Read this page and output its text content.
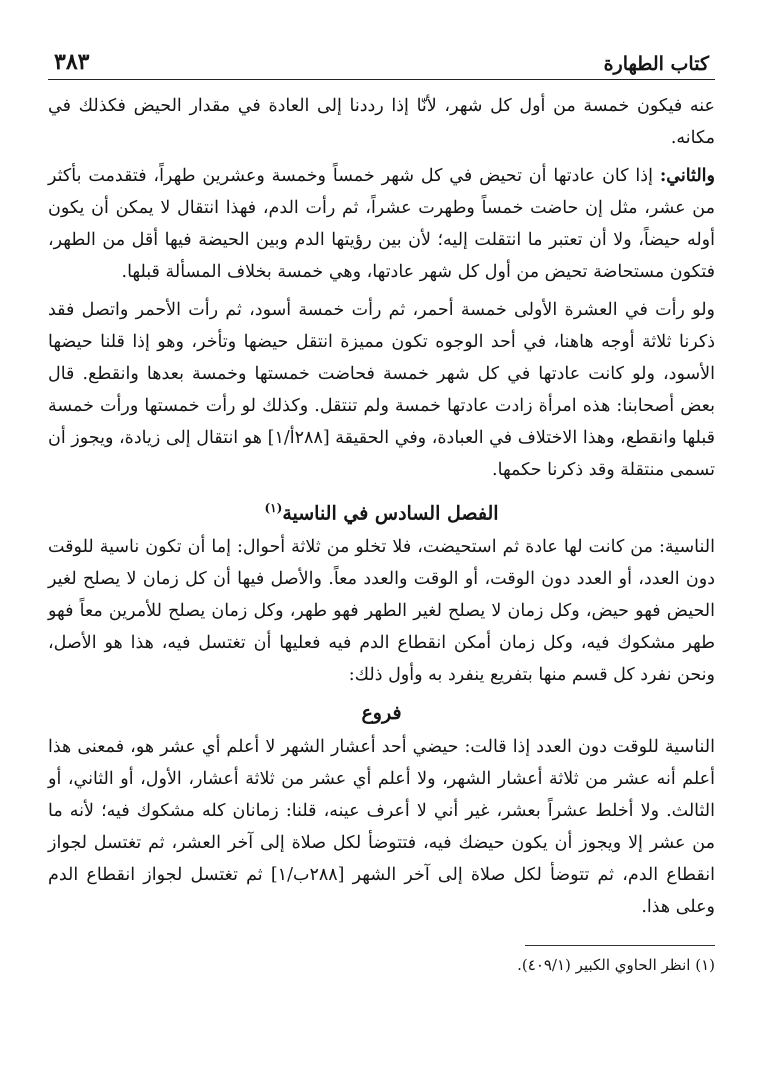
كتاب الطهارة
٣٨٣

عنه فيكون خمسة من أول كل شهر، لأنّا إذا رددنا إلى العادة في مقدار الحيض فكذلك في مكانه.

والثاني: إذا كان عادتها أن تحيض في كل شهر خمساً وخمسة وعشرين طهراً، فتقدمت بأكثر من عشر، مثل إن حاضت خمساً وطهرت عشراً، ثم رأت الدم، فهذا انتقال لا يمكن أن يكون أوله حيضاً، ولا أن تعتبر ما انتقلت إليه؛ لأن بين رؤيتها الدم وبين الحيضة فيها أقل من الطهر، فتكون مستحاضة تحيض من أول كل شهر عادتها، وهي خمسة بخلاف المسألة قبلها.

ولو رأت في العشرة الأولى خمسة أحمر، ثم رأت خمسة أسود، ثم رأت الأحمر واتصل فقد ذكرنا ثلاثة أوجه هاهنا، في أحد الوجوه تكون مميزة انتقل حيضها وتأخر، وهو إذا قلنا حيضها الأسود، ولو كانت عادتها في كل شهر خمسة فحاضت خمستها وخمسة بعدها وانقطع. قال بعض أصحابنا: هذه امرأة زادت عادتها خمسة ولم تنتقل. وكذلك لو رأت خمستها ورأت خمسة قبلها وانقطع، وهذا الاختلاف في العبادة، وفي الحقيقة [٢٨٨أ/١] هو انتقال إلى زيادة، ويجوز أن تسمى منتقلة وقد ذكرنا حكمها.

الفصل السادس في الناسية$^{(١)}$

الناسية: من كانت لها عادة ثم استحيضت، فلا تخلو من ثلاثة أحوال: إما أن تكون ناسية للوقت دون العدد، أو العدد دون الوقت، أو الوقت والعدد معاً. والأصل فيها أن كل زمان لا يصلح لغير الحيض فهو حيض، وكل زمان لا يصلح لغير الطهر فهو طهر، وكل زمان يصلح للأمرين معاً فهو طهر مشكوك فيه، وكل زمان أمكن انقطاع الدم فيه فعليها أن تغتسل فيه، هذا هو الأصل، ونحن نفرد كل قسم منها بتفريع ينفرد به وأول ذلك:

فروع

الناسية للوقت دون العدد إذا قالت: حيضي أحد أعشار الشهر لا أعلم أي عشر هو، فمعنى هذا أعلم أنه عشر من ثلاثة أعشار الشهر، ولا أعلم أي عشر من ثلاثة أعشار، الأول، أو الثاني، أو الثالث. ولا أخلط عشراً بعشر، غير أني لا أعرف عينه، قلنا: زمانان كله مشكوك فيه؛ لأنه ما من عشر إلا ويجوز أن يكون حيضك فيه، فتتوضأ لكل صلاة إلى آخر العشر، ثم تغتسل لجواز انقطاع الدم، ثم تتوضأ لكل صلاة إلى آخر الشهر [٢٨٨ب/١] ثم تغتسل لجواز انقطاع الدم وعلى هذا.

(١) انظر الحاوي الكبير (٤٠٩/١).
